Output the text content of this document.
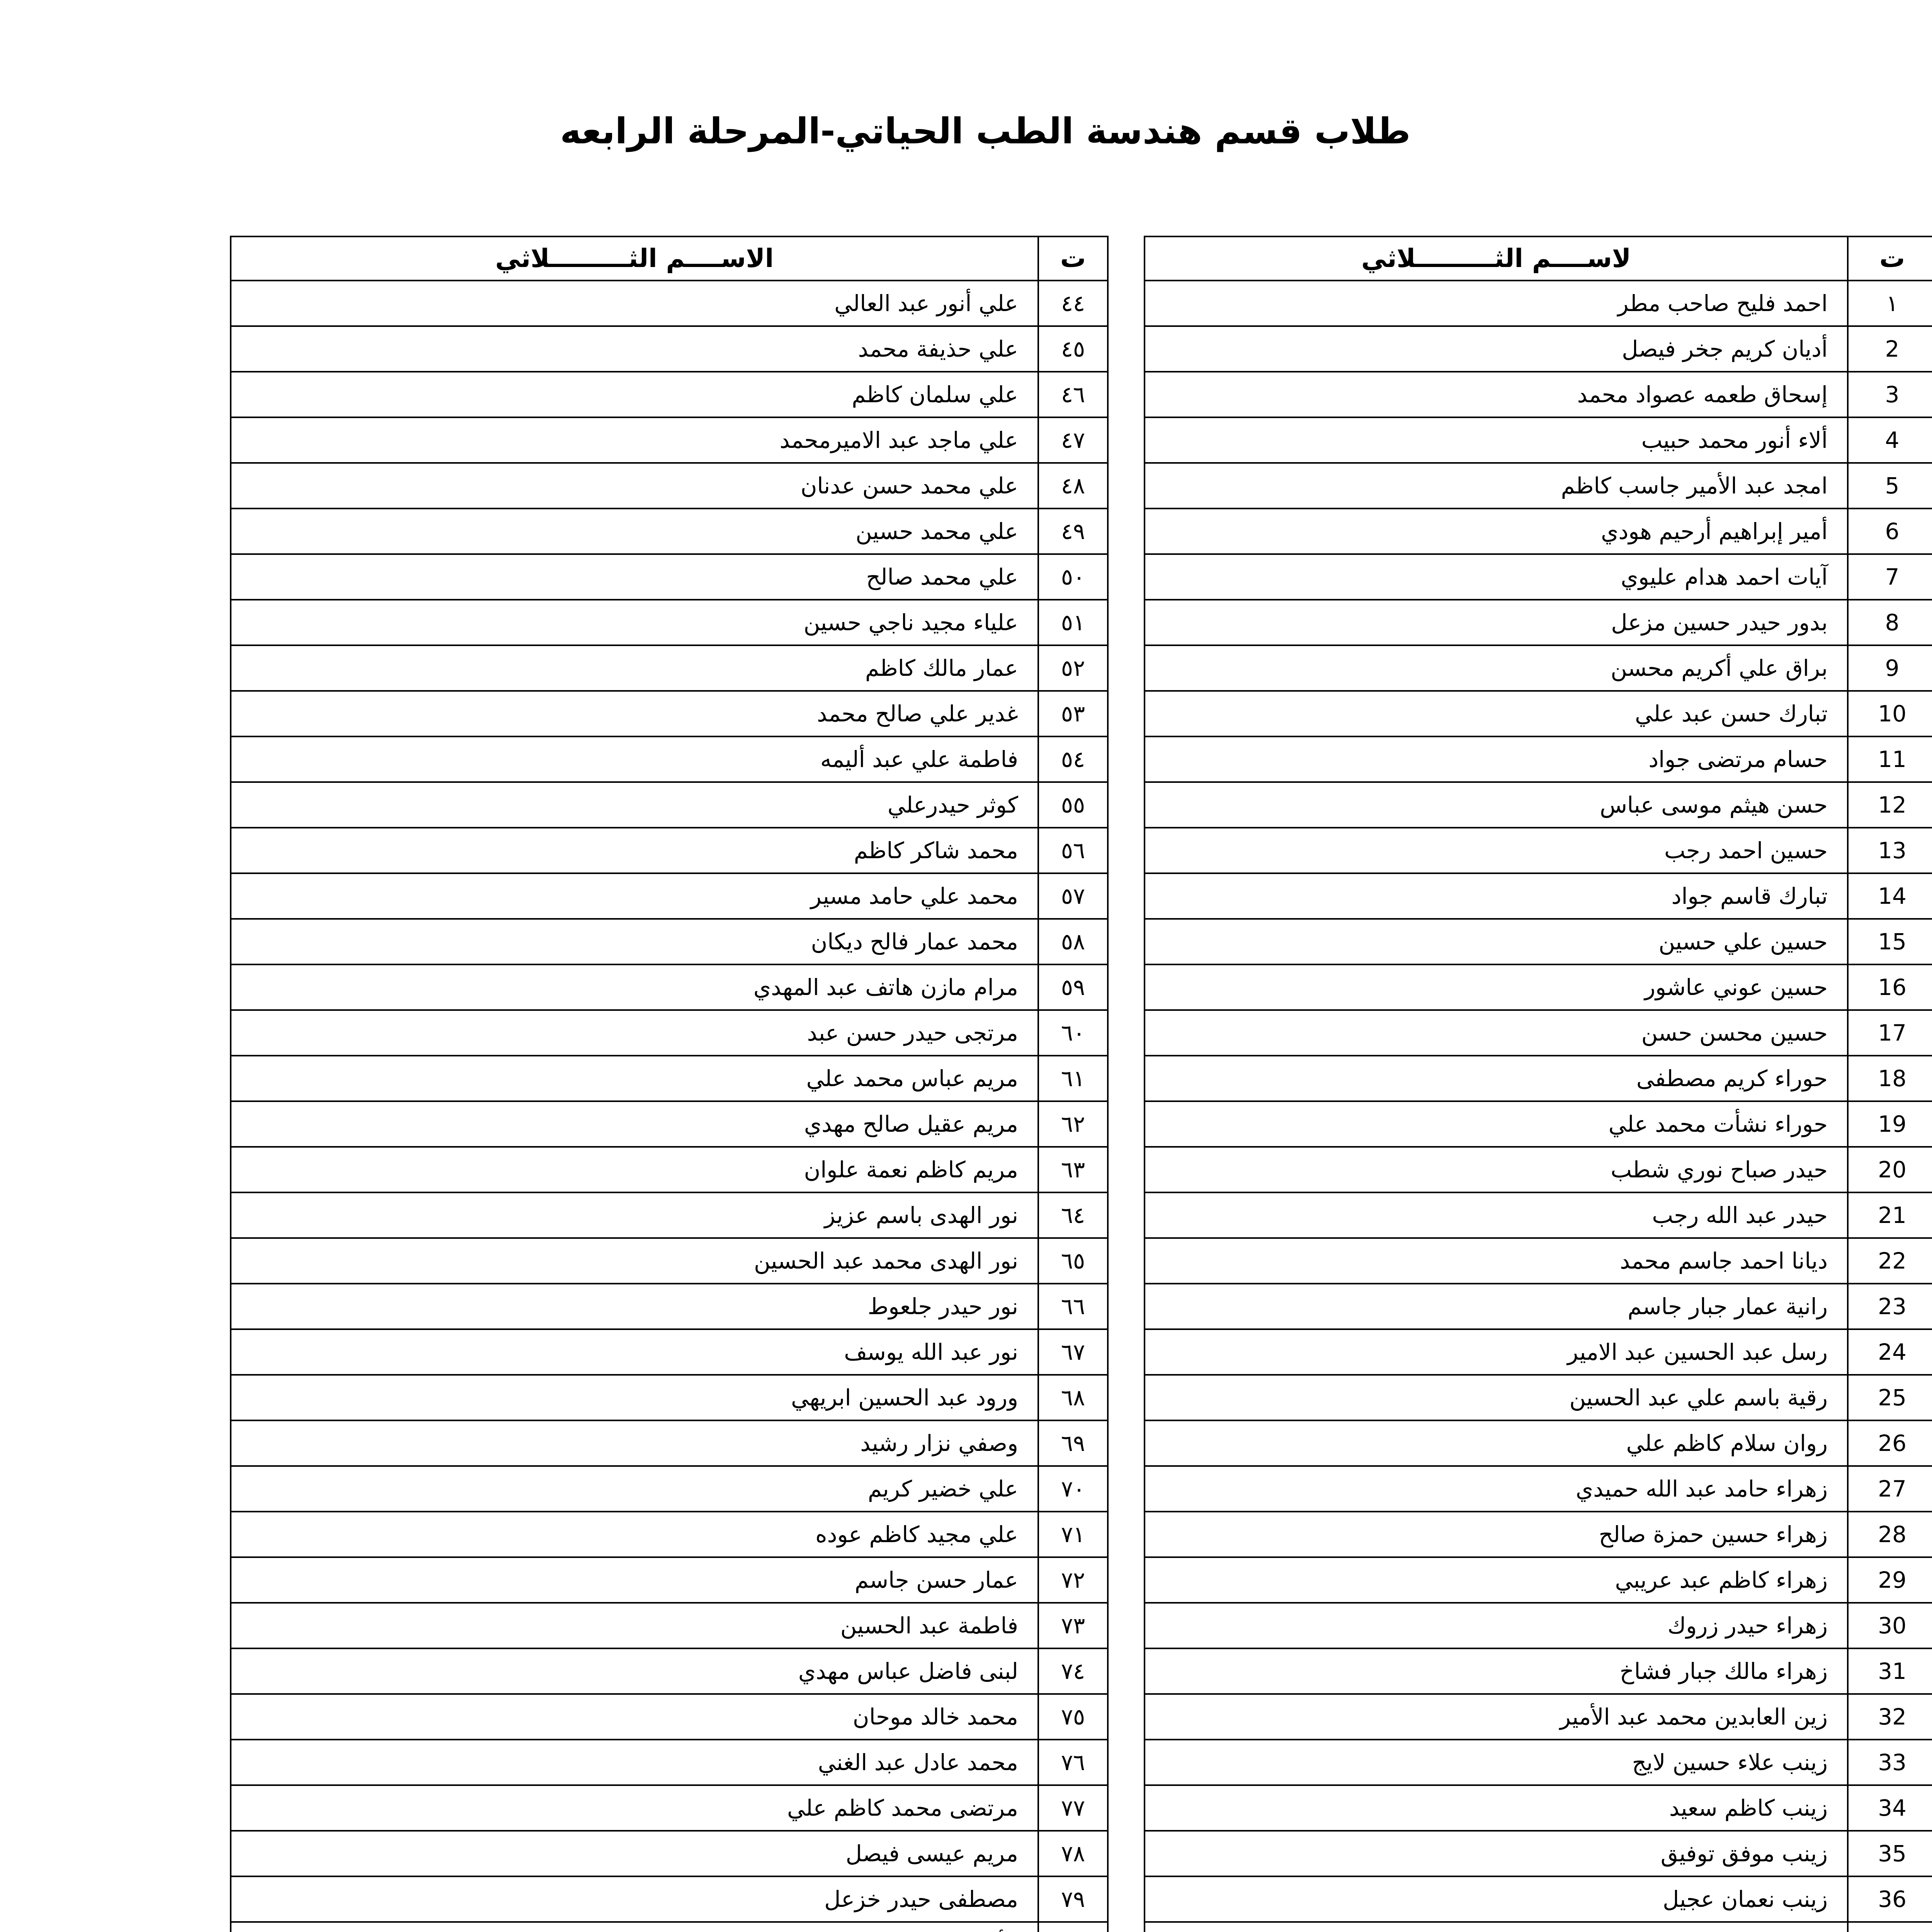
طلاب قسم هندسة الطب الحياتي-المرحلة الرابعه
ت	لاســــم الثـــــــــلاثي
١	احمد فليح صاحب مطر
2	أديان كريم جخر فيصل
3	إسحاق طعمه عصواد محمد
4	ألاء أنور محمد حبيب
5	امجد عبد الأمير جاسب كاظم
6	أمير إبراهيم أرحيم هودي
7	آيات احمد هدام عليوي
8	بدور حيدر حسين مزعل
9	براق علي أكريم محسن
10	تبارك حسن عبد علي
11	حسام مرتضى جواد
12	حسن هيثم موسى عباس
13	حسين احمد رجب
14	تبارك قاسم جواد
15	حسين علي حسين
16	حسين عوني عاشور
17	حسين محسن حسن
18	حوراء كريم مصطفى
19	حوراء نشأت محمد علي
20	حيدر صباح نوري شطب
21	حيدر عبد الله رجب
22	ديانا احمد جاسم محمد
23	رانية عمار جبار جاسم
24	رسل عبد الحسين عبد الامير
25	رقية باسم علي عبد الحسين
26	روان سلام كاظم علي
27	زهراء حامد عبد الله حميدي
28	زهراء حسين حمزة صالح
29	زهراء كاظم عبد عريبي
30	زهراء حيدر زروك
31	زهراء مالك جبار فشاخ
32	زين العابدين محمد عبد الأمير
33	زينب علاء حسين لايج
34	زينب كاظم سعيد
35	زينب موفق توفيق
36	زينب نعمان عجيل

ت	الاســــم الثـــــــــلاثي
٤٤	علي أنور عبد العالي
٤٥	علي حذيفة محمد
٤٦	علي سلمان كاظم
٤٧	علي ماجد عبد الاميرمحمد
٤٨	علي محمد حسن عدنان
٤٩	علي محمد حسين
٥٠	علي محمد صالح
٥١	علياء مجيد ناجي حسين
٥٢	عمار مالك كاظم
٥٣	غدير علي صالح محمد
٥٤	فاطمة علي عبد أليمه
٥٥	كوثر حيدرعلي
٥٦	محمد شاكر كاظم
٥٧	محمد علي حامد مسير
٥٨	محمد عمار فالح ديكان
٥٩	مرام مازن هاتف عبد المهدي
٦٠	مرتجى حيدر حسن عبد
٦١	مريم عباس محمد علي
٦٢	مريم عقيل صالح مهدي
٦٣	مريم كاظم نعمة علوان
٦٤	نور الهدى باسم عزيز
٦٥	نور الهدى محمد عبد الحسين
٦٦	نور حيدر جلعوط
٦٧	نور عبد الله يوسف
٦٨	ورود عبد الحسين ابريهي
٦٩	وصفي نزار رشيد
٧٠	علي خضير كريم
٧١	علي مجيد كاظم عوده
٧٢	عمار حسن جاسم
٧٣	فاطمة عبد الحسين
٧٤	لبنى فاضل عباس مهدي
٧٥	محمد خالد موحان
٧٦	محمد عادل عبد الغني
٧٧	مرتضى محمد كاظم علي
٧٨	مريم عيسى فيصل
٧٩	مصطفى حيدر خزعل
